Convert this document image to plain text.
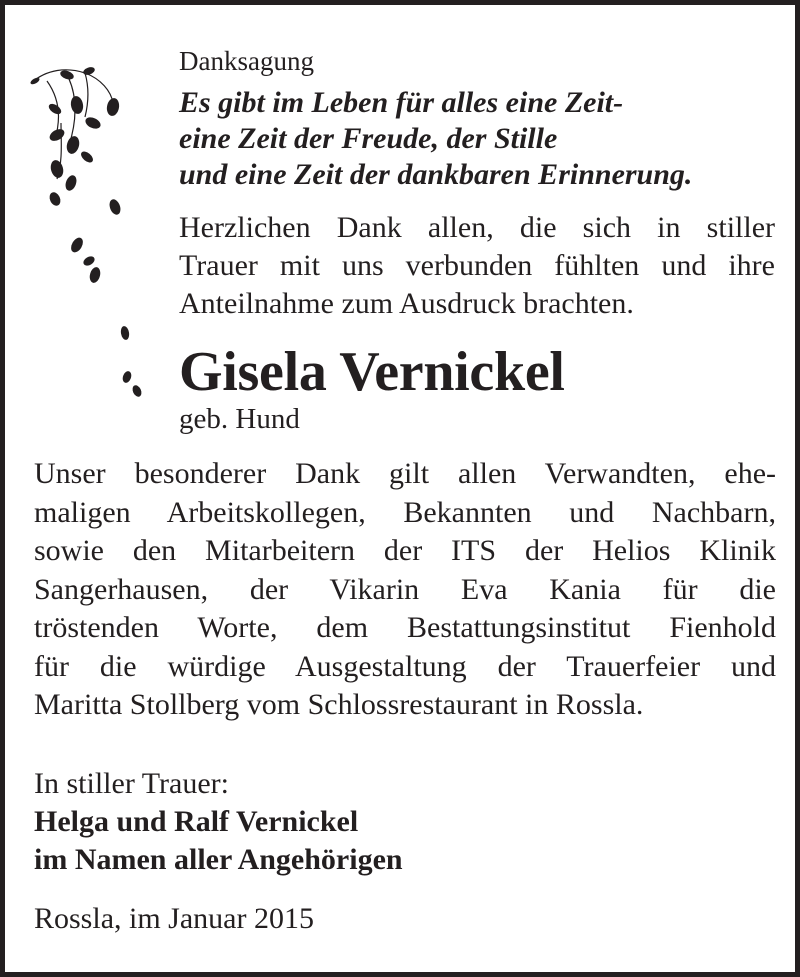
Danksagung
Es gibt im Leben für alles eine Zeit-
eine Zeit der Freude, der Stille
und eine Zeit der dankbaren Erinnerung.
Herzlichen Dank allen, die sich in stiller
Trauer mit uns verbunden fühlten und ihre
Anteilnahme zum Ausdruck brachten.
Gisela Vernickel
geb. Hund
Unser besonderer Dank gilt allen Verwandten, ehe-
maligen Arbeitskollegen, Bekannten und Nachbarn,
sowie den Mitarbeitern der ITS der Helios Klinik
Sangerhausen, der Vikarin Eva Kania für die
tröstenden Worte, dem Bestattungsinstitut Fienhold
für die würdige Ausgestaltung der Trauerfeier und
Maritta Stollberg vom Schlossrestaurant in Rossla.
In stiller Trauer:
Helga und Ralf Vernickel
im Namen aller Angehörigen
Rossla, im Januar 2015
